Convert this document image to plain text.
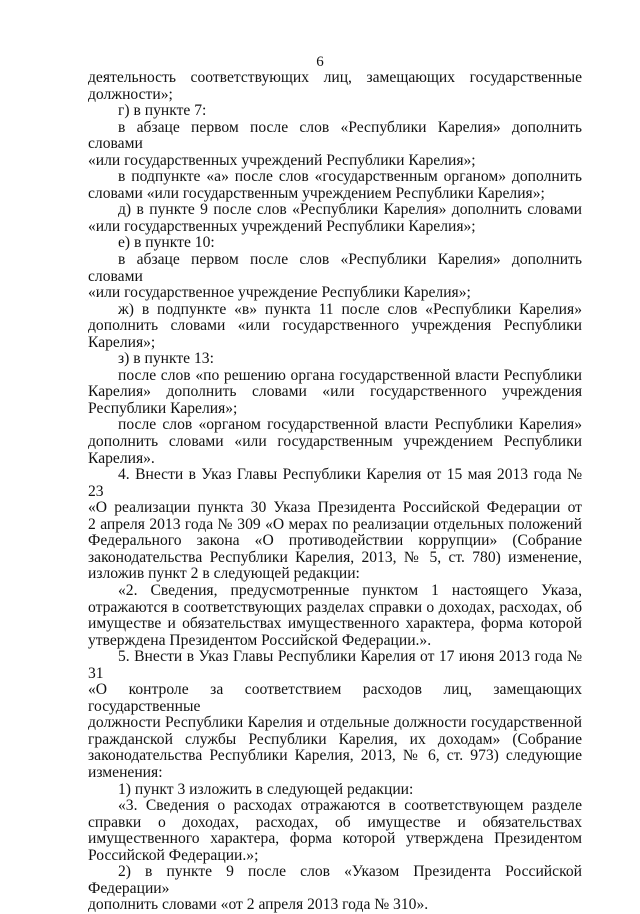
6

деятельность соответствующих лиц, замещающих государственные

должности»;

г) в пункте 7:

в абзаце первом после слов «Республики Карелия» дополнить словами

«или государственных учреждений Республики Карелия»;

в подпункте «а» после слов «государственным органом» дополнить

словами «или государственным учреждением Республики Карелия»;

д) в пункте 9 после слов «Республики Карелия» дополнить словами

«или государственных учреждений Республики Карелия»;

е) в пункте 10:

в абзаце первом после слов «Республики Карелия» дополнить словами

«или государственное учреждение Республики Карелия»;

ж) в подпункте «в» пункта 11 после слов «Республики Карелия»

дополнить словами «или государственного учреждения Республики

Карелия»;

з) в пункте 13:

после слов «по решению органа государственной власти Республики

Карелия» дополнить словами «или государственного учреждения

Республики Карелия»;

после слов «органом государственной власти Республики Карелия»

дополнить словами «или государственным учреждением Республики

Карелия».

4. Внести в Указ Главы Республики Карелия от 15 мая 2013 года № 23

«О реализации пункта 30 Указа Президента Российской Федерации от

2 апреля 2013 года № 309 «О мерах по реализации отдельных положений

Федерального закона «О противодействии коррупции» (Собрание

законодательства Республики Карелия, 2013, № 5, ст. 780) изменение,

изложив пункт 2 в следующей редакции:

«2. Сведения, предусмотренные пунктом 1 настоящего Указа,

отражаются в соответствующих разделах справки о доходах, расходах, об

имуществе и обязательствах имущественного характера, форма которой

утверждена Президентом Российской Федерации.».

5. Внести в Указ Главы Республики Карелия от 17 июня 2013 года № 31

«О контроле за соответствием расходов лиц, замещающих государственные

должности Республики Карелия и отдельные должности государственной

гражданской службы Республики Карелия, их доходам» (Собрание

законодательства Республики Карелия, 2013, № 6, ст. 973) следующие

изменения:

1) пункт 3 изложить в следующей редакции:

«3. Сведения о расходах отражаются в соответствующем разделе

справки о доходах, расходах, об имуществе и обязательствах

имущественного характера, форма которой утверждена Президентом

Российской Федерации.»;

2) в пункте 9 после слов «Указом Президента Российской Федерации»

дополнить словами «от 2 апреля 2013 года № 310».
